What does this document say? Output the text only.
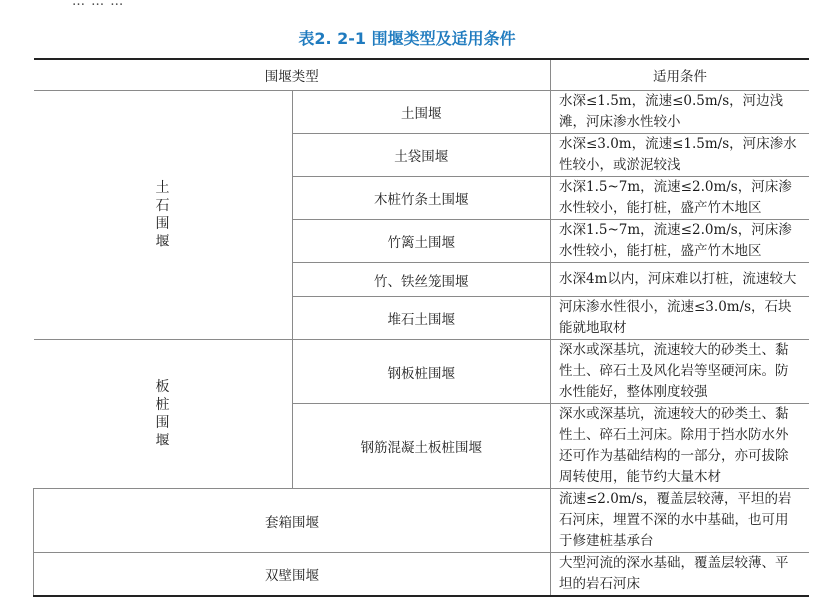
… … …
表2. 2-1 围堰类型及适用条件
围堰类型		适用条件
土石围堰	土围堰	水深≤1.5m，流速≤0.5m/s，河边浅滩，河床渗水性较小
	土袋围堰	水深≤3.0m，流速≤1.5m/s，河床渗水性较小，或淤泥较浅
	木桩竹条土围堰	水深1.5~7m，流速≤2.0m/s，河床渗水性较小，能打桩，盛产竹木地区
	竹篱土围堰	水深1.5~7m，流速≤2.0m/s，河床渗水性较小，能打桩，盛产竹木地区
	竹、铁丝笼围堰	水深4m以内，河床难以打桩，流速较大
	堆石土围堰	河床渗水性很小，流速≤3.0m/s，石块能就地取材
板桩围堰	钢板桩围堰	深水或深基坑，流速较大的砂类土、黏性土、碎石土及风化岩等坚硬河床。防水性能好，整体刚度较强
	钢筋混凝土板桩围堰	深水或深基坑，流速较大的砂类土、黏性土、碎石土河床。除用于挡水防水外还可作为基础结构的一部分，亦可拔除周转使用，能节约大量木材
套箱围堰		流速≤2.0m/s，覆盖层较薄，平坦的岩石河床，埋置不深的水中基础，也可用于修建桩基承台
双壁围堰		大型河流的深水基础，覆盖层较薄、平坦的岩石河床
